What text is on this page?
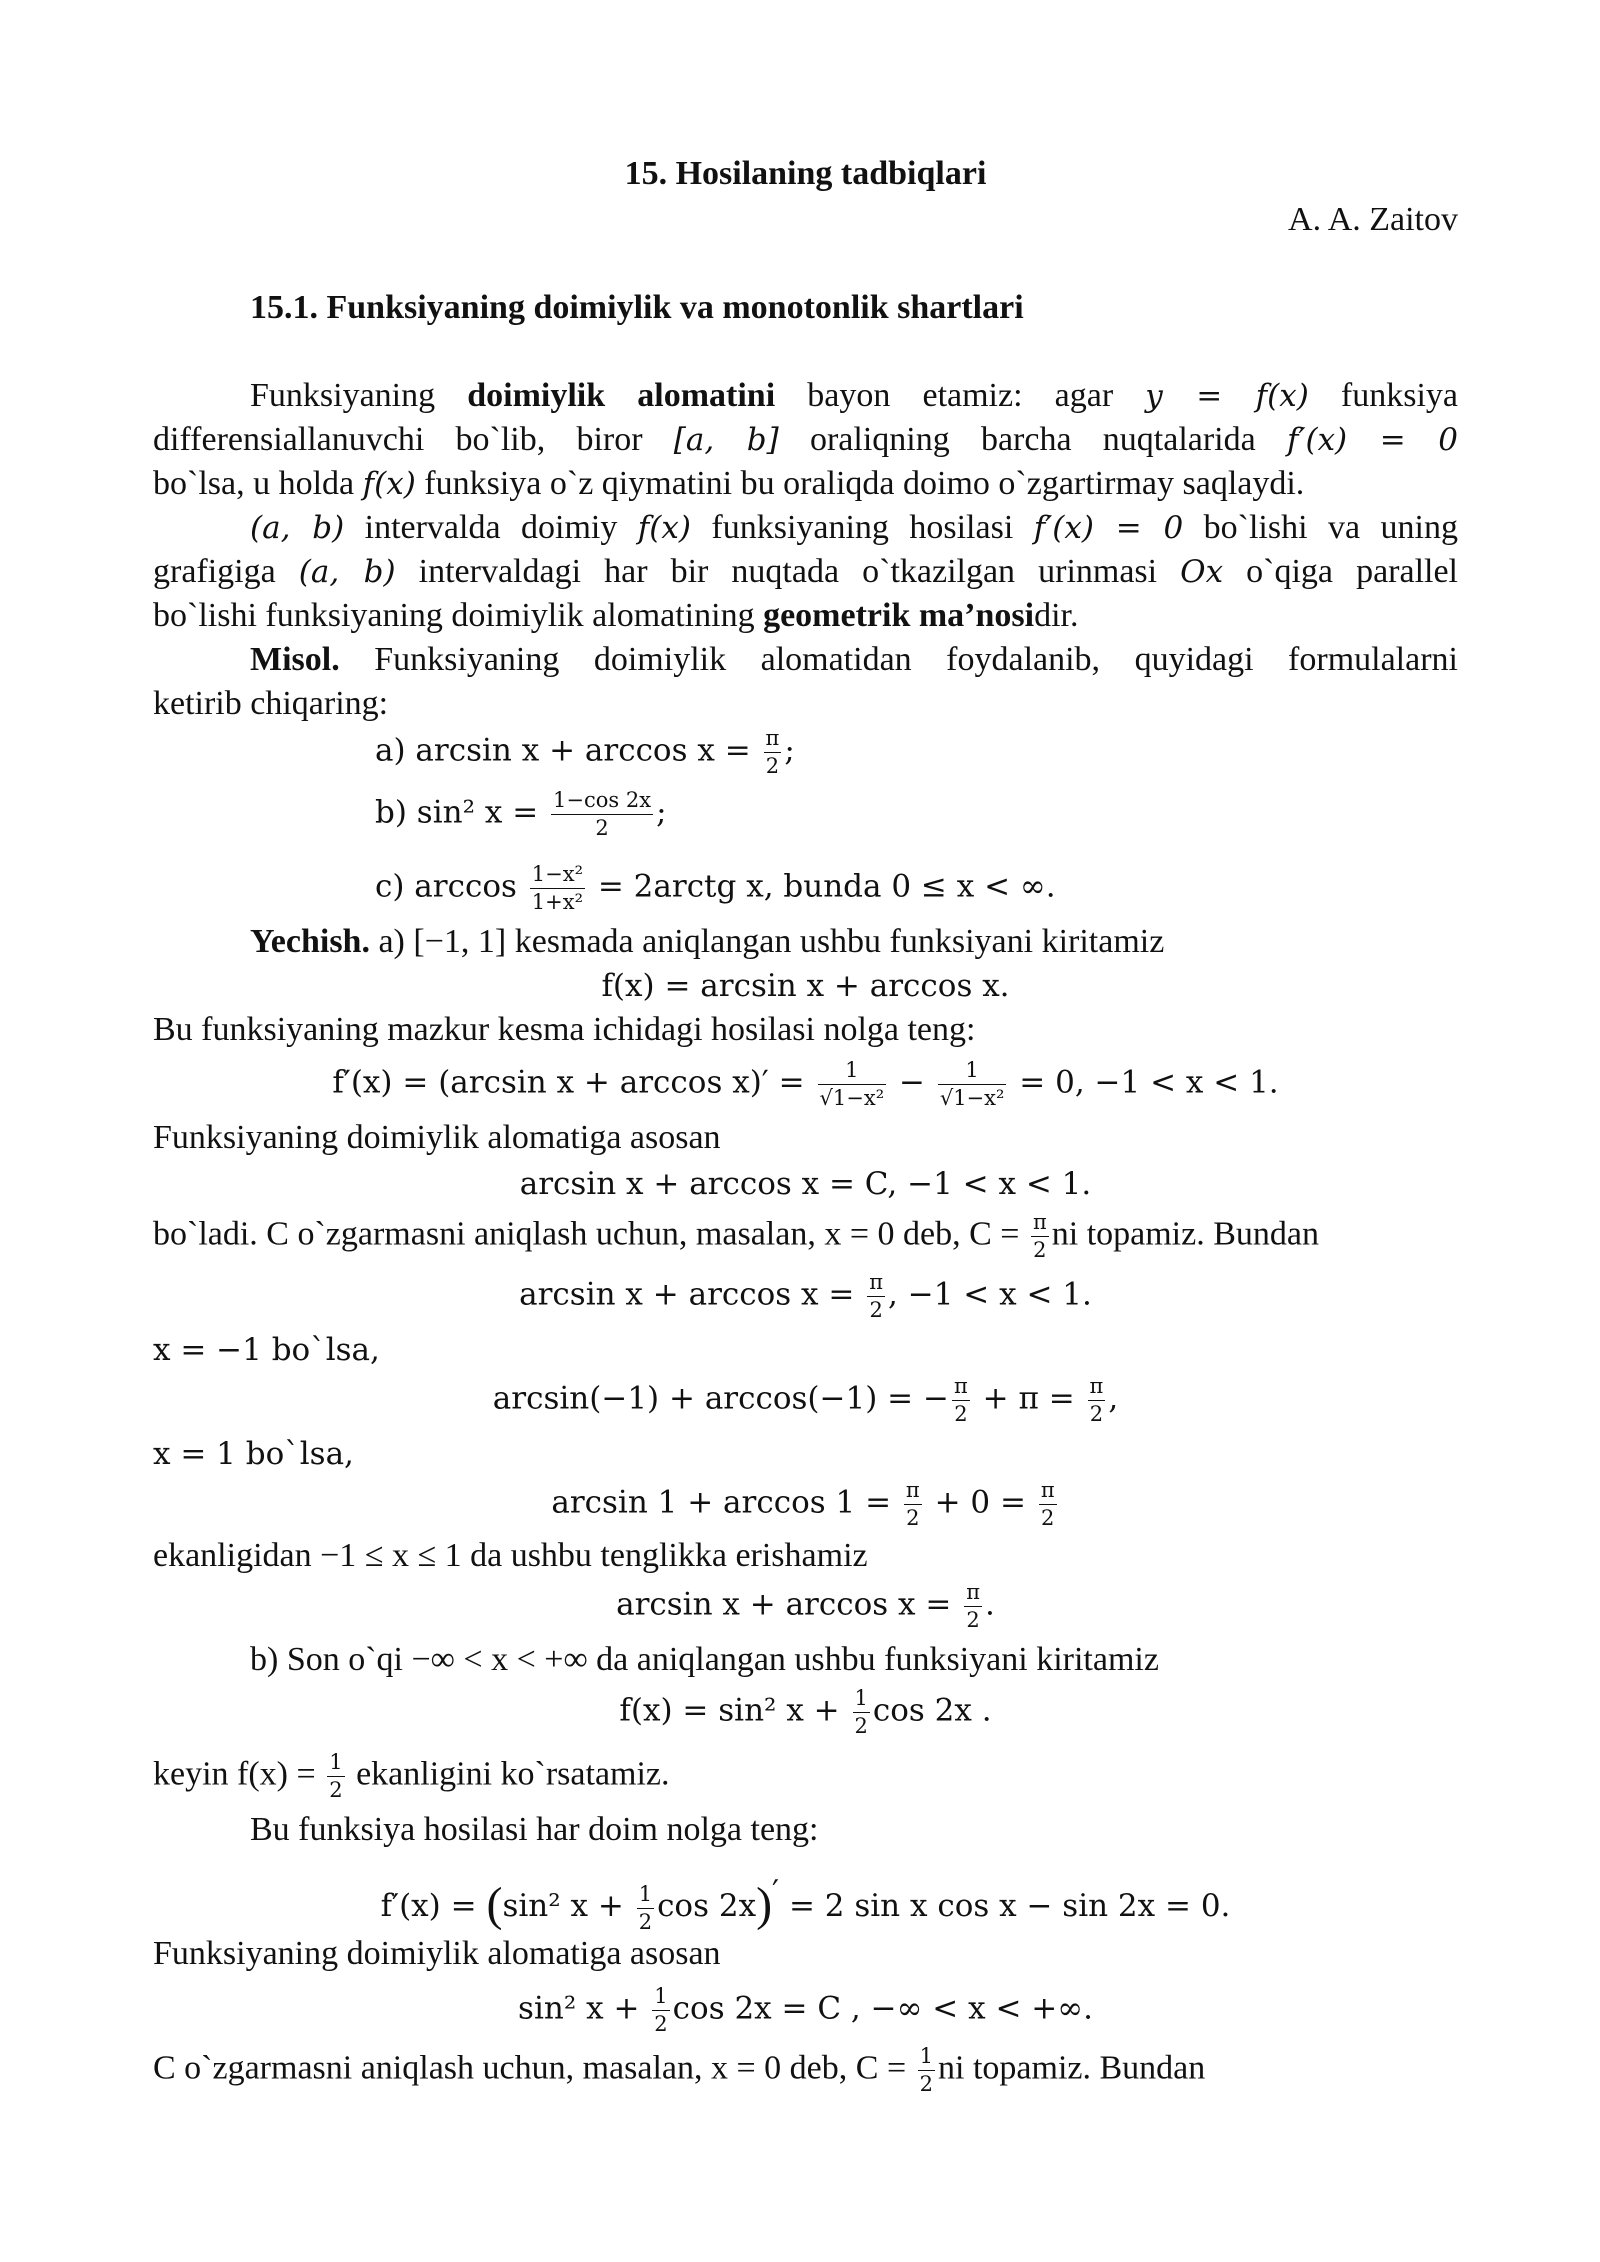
15. Hosilaning tadbiqlari
A. A. Zaitov
15.1. Funksiyaning doimiylik va monotonlik shartlari
Funksiyaning doimiylik alomatini bayon etamiz: agar y = f(x) funksiya
differensiallanuvchi bo`lib, biror [a, b] oraliqning barcha nuqtalarida f′(x) = 0
bo`lsa, u holda f(x) funksiya o`z qiymatini bu oraliqda doimo o`zgartirmay saqlaydi.
(a, b) intervalda doimiy f(x) funksiyaning hosilasi f′(x) = 0 bo`lishi va uning
grafigiga (a, b) intervaldagi har bir nuqtada o`tkazilgan urinmasi Ox o`qiga parallel
bo`lishi funksiyaning doimiylik alomatining geometrik ma’nosidir.
Misol. Funksiyaning doimiylik alomatidan foydalanib, quyidagi formulalarni
ketirib chiqaring:
a) $\arcsin x + \arccos x = \frac{\pi}{2}$ ;
b) sin² $x = \frac{1-\cos 2x}{2}$ ;
c) $\arccos \frac{\text{1−x²}}{\text{1+x²}}$ = 2arctg x, bunda 0 ≤ x < ∞.
Yechish. a) [−1, 1] kesmada aniqlangan ushbu funksiyani kiritamiz
f(x) = arcsin x + arccos x.
Bu funksiyaning mazkur kesma ichidagi hosilasi nolga teng:
f′(x) = (arcsin $x + \arccos x)' = \frac{1}{\text{√1−x²}} - \frac{1}{\text{√1−x²}} = 0$, −1 < x < 1.
Funksiyaning doimiylik alomatiga asosan
arcsin x + arccos x = C, −1 < x < 1.
bo`ladi. C o`zgarmasni aniqlash uchun, masalan, x = 0 deb, $C = \frac{\pi}{2}$ ni topamiz. Bundan
$\arcsin x + \arccos x = \frac{\pi}{2}$ , −1 < x < 1.
x = −1 bo`lsa,
arcsin(−1) + arccos(−1) = − $\frac{\pi}{2} + \pi = \frac{\pi}{2}$ ,
x = 1 bo`lsa,
$\arcsin 1 + \arccos 1 = \frac{\pi}{2} + 0 = \frac{\pi}{2}$
ekanligidan −1 ≤ x ≤ 1 da ushbu tenglikka erishamiz
$\arcsin x + \arccos x = \frac{\pi}{2}$ .
b) Son o`qi −∞ < x < +∞ da aniqlangan ushbu funksiyani kiritamiz
f(x) = sin² $x + \frac{1}{2}$ cos 2x .
keyin $f(x) = \frac{1}{2}$ ekanligini ko`rsatamiz.
Bu funksiya hosilasi har doim nolga teng:
f′(x) = (sin² $x + \frac{1}{2}$ cos 2x)′ = 2 sin x cos x − sin 2x = 0.
Funksiyaning doimiylik alomatiga asosan
sin² $x + \frac{1}{2}$ cos 2x = C , −∞ < x < +∞.
C o`zgarmasni aniqlash uchun, masalan, x = 0 deb, $C = \frac{1}{2}$ ni topamiz. Bundan
